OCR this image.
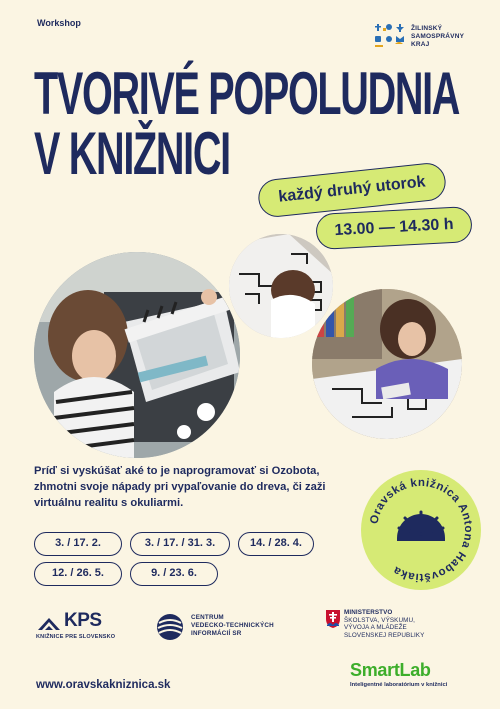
Workshop
ŽILINSKÝ
SAMOSPRÁVNY
KRAJ
TVORIVÉ POPOLUDNIA
V KNIŽNICI
každý druhý utorok
13.00 — 14.30 h
Príď si vyskúšať aké to je naprogramovať si Ozobota, zhmotni svoje nápady pri vypaľovanie do dreva, či zaži virtuálnu realitu s okuliarmi.
3. / 17. 2.	3. / 17. / 31. 3.	14. / 28. 4.
12. / 26. 5.	9. / 23. 6.
Oravská knižnica Antona Habovštiaka
KPS
KNIŽNICE PRE SLOVENSKO
CENTRUM
VEDECKO-TECHNICKÝCH
INFORMÁCIÍ SR
MINISTERSTVO
ŠKOLSTVA, VÝSKUMU,
VÝVOJA A MLÁDEŽE
SLOVENSKEJ REPUBLIKY
www.oravskakniznica.sk
SmartLab
Inteligentné laboratórium v knižnici
